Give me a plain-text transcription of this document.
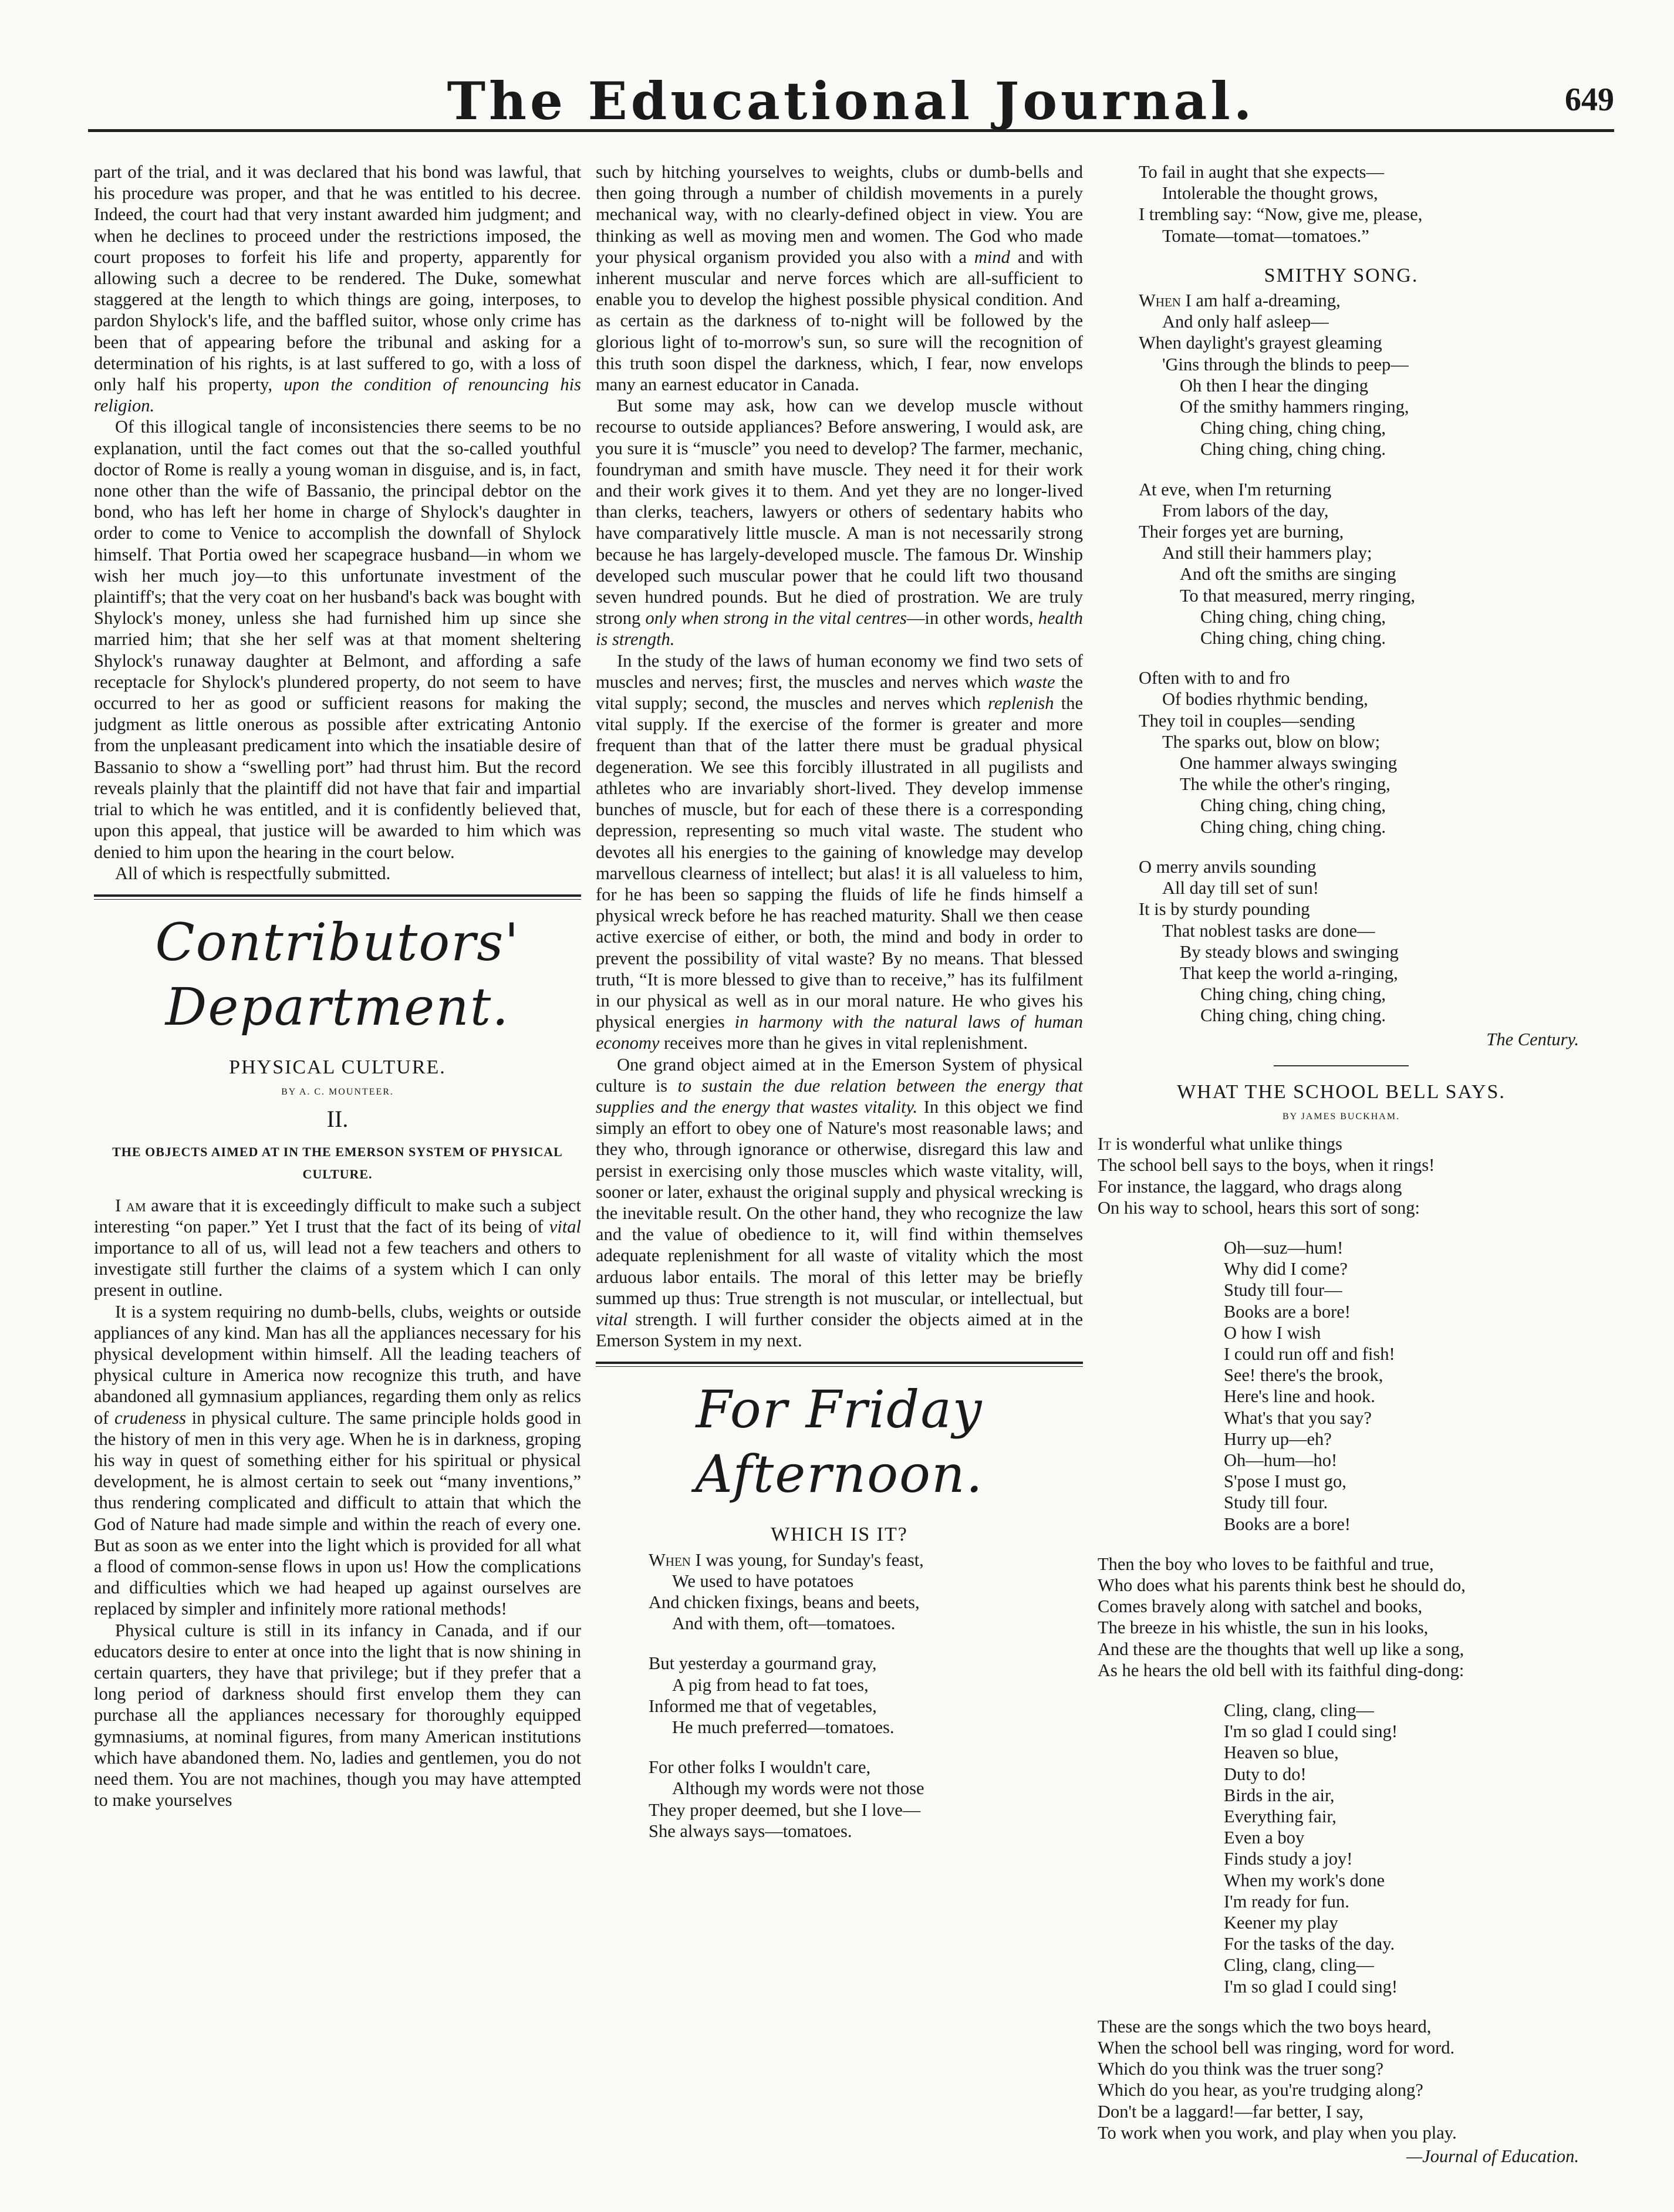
The Educational Journal.	649

part of the trial, and it was declared that his bond was lawful, that his procedure was proper, and that he was entitled to his decree. Indeed, the court had that very instant awarded him judgment; and when he declines to proceed under the restrictions imposed, the court proposes to forfeit his life and property, apparently for allowing such a decree to be rendered. The Duke, somewhat staggered at the length to which things are going, interposes, to pardon Shylock's life, and the baffled suitor, whose only crime has been that of appearing before the tribunal and asking for a determination of his rights, is at last suffered to go, with a loss of only half his property, upon the condition of renouncing his religion.

Of this illogical tangle of inconsistencies there seems to be no explanation, until the fact comes out that the so-called youthful doctor of Rome is really a young woman in disguise, and is, in fact, none other than the wife of Bassanio, the principal debtor on the bond, who has left her home in charge of Shylock's daughter in order to come to Venice to accomplish the downfall of Shylock himself. That Portia owed her scapegrace husband—in whom we wish her much joy—to this unfortunate investment of the plaintiff's; that the very coat on her husband's back was bought with Shylock's money, unless she had furnished him up since she married him; that she her self was at that moment sheltering Shylock's runaway daughter at Belmont, and affording a safe receptacle for Shylock's plundered property, do not seem to have occurred to her as good or sufficient reasons for making the judgment as little onerous as possible after extricating Antonio from the unpleasant predicament into which the insatiable desire of Bassanio to show a “swelling port” had thrust him. But the record reveals plainly that the plaintiff did not have that fair and impartial trial to which he was entitled, and it is confidently believed that, upon this appeal, that justice will be awarded to him which was denied to him upon the hearing in the court below.

All of which is respectfully submitted.

Contributors' Department.
PHYSICAL CULTURE.
BY A. C. MOUNTEER.
II.
THE OBJECTS AIMED AT IN THE EMERSON SYSTEM OF PHYSICAL CULTURE.

I am aware that it is exceedingly difficult to make such a subject interesting “on paper.” Yet I trust that the fact of its being of vital importance to all of us, will lead not a few teachers and others to investigate still further the claims of a system which I can only present in outline.

It is a system requiring no dumb-bells, clubs, weights or outside appliances of any kind. Man has all the appliances necessary for his physical development within himself. All the leading teachers of physical culture in America now recognize this truth, and have abandoned all gymnasium appliances, regarding them only as relics of crudeness in physical culture. The same principle holds good in the history of men in this very age. When he is in darkness, groping his way in quest of something either for his spiritual or physical development, he is almost certain to seek out “many inventions,” thus rendering complicated and difficult to attain that which the God of Nature had made simple and within the reach of every one. But as soon as we enter into the light which is provided for all what a flood of common-sense flows in upon us! How the complications and difficulties which we had heaped up against ourselves are replaced by simpler and infinitely more rational methods!

Physical culture is still in its infancy in Canada, and if our educators desire to enter at once into the light that is now shining in certain quarters, they have that privilege; but if they prefer that a long period of darkness should first envelop them they can purchase all the appliances necessary for thoroughly equipped gymnasiums, at nominal figures, from many American institutions which have abandoned them. No, ladies and gentlemen, you do not need them. You are not machines, though you may have attempted to make yourselves

such by hitching yourselves to weights, clubs or dumb-bells and then going through a number of childish movements in a purely mechanical way, with no clearly-defined object in view. You are thinking as well as moving men and women. The God who made your physical organism provided you also with a mind and with inherent muscular and nerve forces which are all-sufficient to enable you to develop the highest possible physical condition. And as certain as the darkness of to-night will be followed by the glorious light of to-morrow's sun, so sure will the recognition of this truth soon dispel the darkness, which, I fear, now envelops many an earnest educator in Canada.

But some may ask, how can we develop muscle without recourse to outside appliances? Before answering, I would ask, are you sure it is “muscle” you need to develop? The farmer, mechanic, foundryman and smith have muscle. They need it for their work and their work gives it to them. And yet they are no longer-lived than clerks, teachers, lawyers or others of sedentary habits who have comparatively little muscle. A man is not necessarily strong because he has largely-developed muscle. The famous Dr. Winship developed such muscular power that he could lift two thousand seven hundred pounds. But he died of prostration. We are truly strong only when strong in the vital centres—in other words, health is strength.

In the study of the laws of human economy we find two sets of muscles and nerves; first, the muscles and nerves which waste the vital supply; second, the muscles and nerves which replenish the vital supply. If the exercise of the former is greater and more frequent than that of the latter there must be gradual physical degeneration. We see this forcibly illustrated in all pugilists and athletes who are invariably short-lived. They develop immense bunches of muscle, but for each of these there is a corresponding depression, representing so much vital waste. The student who devotes all his energies to the gaining of knowledge may develop marvellous clearness of intellect; but alas! it is all valueless to him, for he has been so sapping the fluids of life he finds himself a physical wreck before he has reached maturity. Shall we then cease active exercise of either, or both, the mind and body in order to prevent the possibility of vital waste? By no means. That blessed truth, “It is more blessed to give than to receive,” has its fulfilment in our physical as well as in our moral nature. He who gives his physical energies in harmony with the natural laws of human economy receives more than he gives in vital replenishment.

One grand object aimed at in the Emerson System of physical culture is to sustain the due relation between the energy that supplies and the energy that wastes vitality. In this object we find simply an effort to obey one of Nature's most reasonable laws; and they who, through ignorance or otherwise, disregard this law and persist in exercising only those muscles which waste vitality, will, sooner or later, exhaust the original supply and physical wrecking is the inevitable result. On the other hand, they who recognize the law and the value of obedience to it, will find within themselves adequate replenishment for all waste of vitality which the most arduous labor entails. The moral of this letter may be briefly summed up thus: True strength is not muscular, or intellectual, but vital strength. I will further consider the objects aimed at in the Emerson System in my next.

For Friday Afternoon.
WHICH IS IT?
When I was young, for Sunday's feast,
We used to have potatoes
And chicken fixings, beans and beets,
And with them, oft—tomatoes.
But yesterday a gourmand gray,
A pig from head to fat toes,
Informed me that of vegetables,
He much preferred—tomatoes.
For other folks I wouldn't care,
Although my words were not those
They proper deemed, but she I love—
She always says—tomatoes.
To fail in aught that she expects—
Intolerable the thought grows,
I trembling say: “Now, give me, please,
Tomate—tomat—tomatoes.”
SMITHY SONG.
When I am half a-dreaming,
And only half asleep—
When daylight's grayest gleaming
'Gins through the blinds to peep—
Oh then I hear the dinging
Of the smithy hammers ringing,
Ching ching, ching ching,
Ching ching, ching ching.
At eve, when I'm returning
From labors of the day,
Their forges yet are burning,
And still their hammers play;
And oft the smiths are singing
To that measured, merry ringing,
Ching ching, ching ching,
Ching ching, ching ching.
Often with to and fro
Of bodies rhythmic bending,
They toil in couples—sending
The sparks out, blow on blow;
One hammer always swinging
The while the other's ringing,
Ching ching, ching ching,
Ching ching, ching ching.
O merry anvils sounding
All day till set of sun!
It is by sturdy pounding
That noblest tasks are done—
By steady blows and swinging
That keep the world a-ringing,
Ching ching, ching ching,
Ching ching, ching ching.
The Century.
WHAT THE SCHOOL BELL SAYS.
BY JAMES BUCKHAM.
It is wonderful what unlike things
The school bell says to the boys, when it rings!
For instance, the laggard, who drags along
On his way to school, hears this sort of song:
Oh—suz—hum!
Why did I come?
Study till four—
Books are a bore!
O how I wish
I could run off and fish!
See! there's the brook,
Here's line and hook.
What's that you say?
Hurry up—eh?
Oh—hum—ho!
S'pose I must go,
Study till four.
Books are a bore!
Then the boy who loves to be faithful and true,
Who does what his parents think best he should do,
Comes bravely along with satchel and books,
The breeze in his whistle, the sun in his looks,
And these are the thoughts that well up like a song,
As he hears the old bell with its faithful ding-dong:
Cling, clang, cling—
I'm so glad I could sing!
Heaven so blue,
Duty to do!
Birds in the air,
Everything fair,
Even a boy
Finds study a joy!
When my work's done
I'm ready for fun.
Keener my play
For the tasks of the day.
Cling, clang, cling—
I'm so glad I could sing!
These are the songs which the two boys heard,
When the school bell was ringing, word for word.
Which do you think was the truer song?
Which do you hear, as you're trudging along?
Don't be a laggard!—far better, I say,
To work when you work, and play when you play.
—Journal of Education.
